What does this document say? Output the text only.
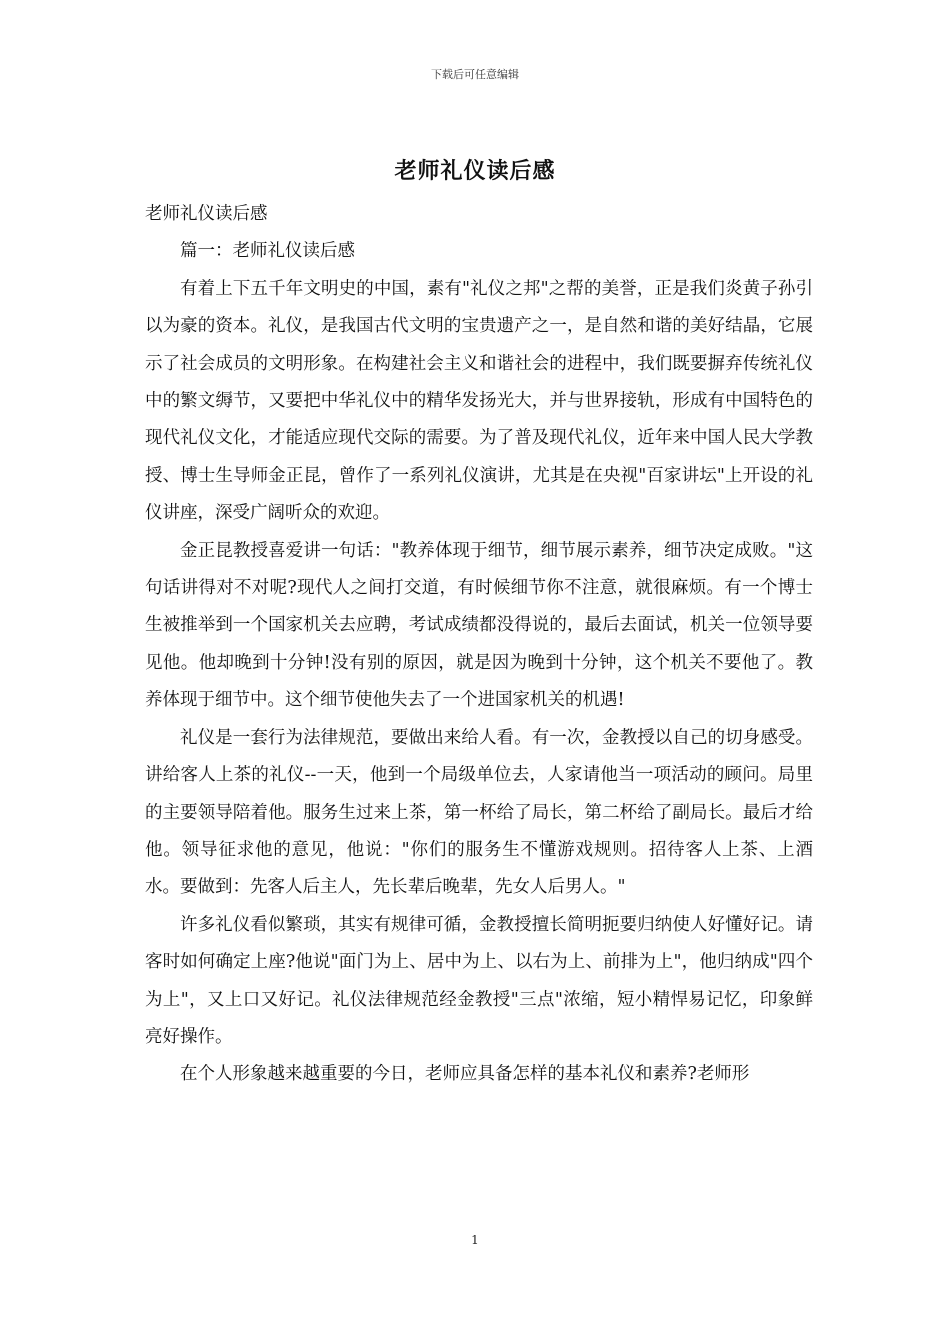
下载后可任意编辑
老师礼仪读后感

老师礼仪读后感

篇一：老师礼仪读后感

有着上下五千年文明史的中国，素有"礼仪之邦"之帮的美誉，正是我们炎黄子孙引以为豪的资本。礼仪，是我国古代文明的宝贵遗产之一，是自然和谐的美好结晶，它展示了社会成员的文明形象。在构建社会主义和谐社会的进程中，我们既要摒弃传统礼仪中的繁文缛节，又要把中华礼仪中的精华发扬光大，并与世界接轨，形成有中国特色的现代礼仪文化，才能适应现代交际的需要。为了普及现代礼仪，近年来中国人民大学教授、博士生导师金正昆，曾作了一系列礼仪演讲，尤其是在央视"百家讲坛"上开设的礼仪讲座，深受广阔听众的欢迎。

金正昆教授喜爱讲一句话："教养体现于细节，细节展示素养，细节决定成败。"这句话讲得对不对呢?现代人之间打交道，有时候细节你不注意，就很麻烦。有一个博士生被推举到一个国家机关去应聘，考试成绩都没得说的，最后去面试，机关一位领导要见他。他却晚到十分钟!没有别的原因，就是因为晚到十分钟，这个机关不要他了。教养体现于细节中。这个细节使他失去了一个进国家机关的机遇!

礼仪是一套行为法律规范，要做出来给人看。有一次，金教授以自己的切身感受。讲给客人上茶的礼仪--一天，他到一个局级单位去，人家请他当一项活动的顾问。局里的主要领导陪着他。服务生过来上茶，第一杯给了局长，第二杯给了副局长。最后才给他。领导征求他的意见，他说："你们的服务生不懂游戏规则。招待客人上茶、上酒水。要做到：先客人后主人，先长辈后晚辈，先女人后男人。"

许多礼仪看似繁琐，其实有规律可循，金教授擅长简明扼要归纳使人好懂好记。请客时如何确定上座?他说"面门为上、居中为上、以右为上、前排为上"，他归纳成"四个为上"，又上口又好记。礼仪法律规范经金教授"三点"浓缩，短小精悍易记忆，印象鲜亮好操作。

在个人形象越来越重要的今日，老师应具备怎样的基本礼仪和素养?老师形

1
